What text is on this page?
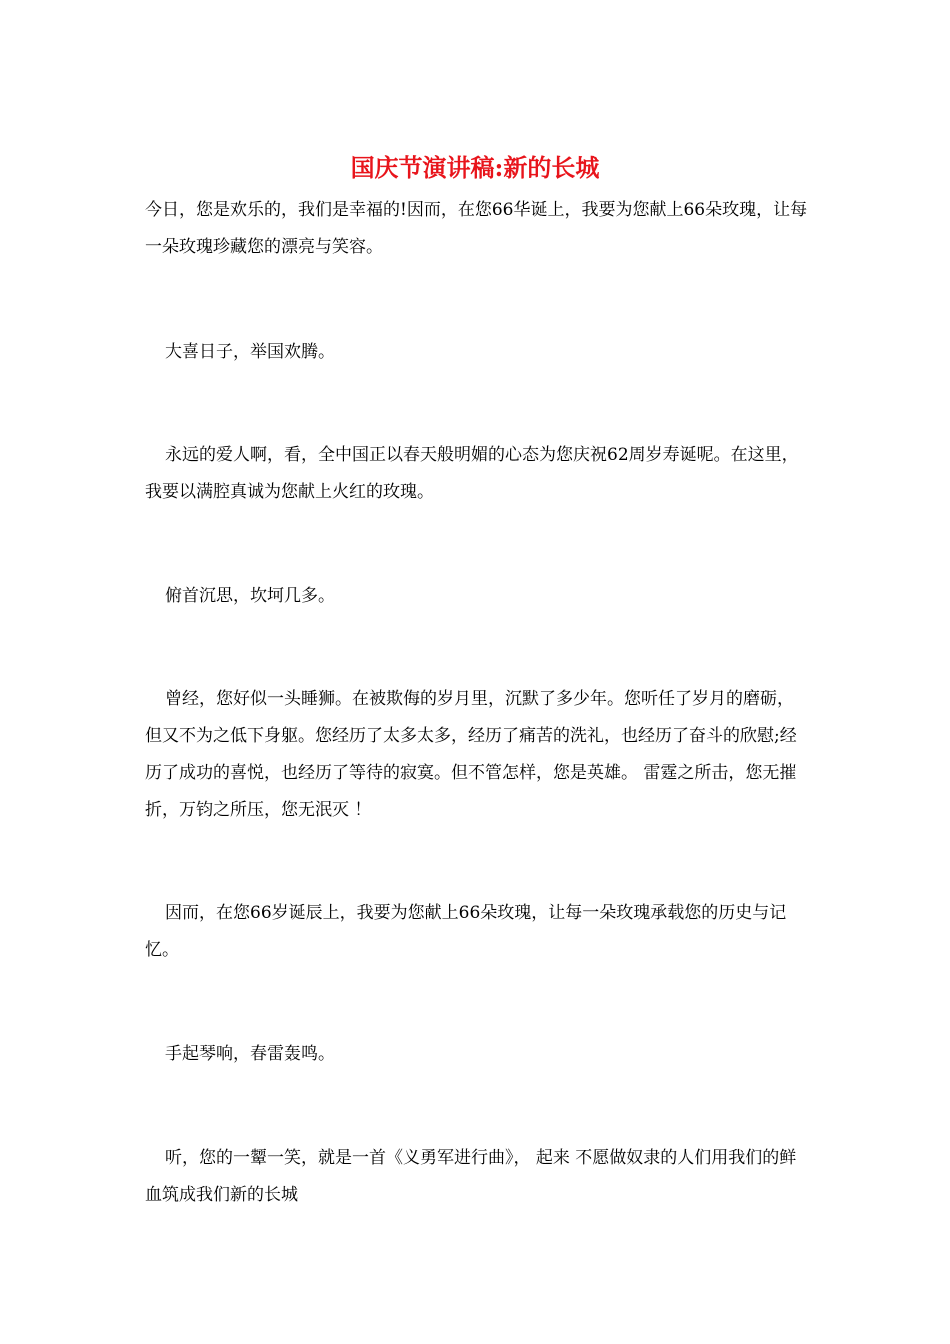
国庆节演讲稿:新的长城

今日，您是欢乐的，我们是幸福的!因而，在您66华诞上，我要为您献上66朵玫瑰，让每一朵玫瑰珍藏您的漂亮与笑容。

大喜日子，举国欢腾。

永远的爱人啊，看，全中国正以春天般明媚的心态为您庆祝62周岁寿诞呢。在这里，我要以满腔真诚为您献上火红的玫瑰。

俯首沉思，坎坷几多。

曾经，您好似一头睡狮。在被欺侮的岁月里，沉默了多少年。您听任了岁月的磨砺，但又不为之低下身躯。您经历了太多太多，经历了痛苦的洗礼，也经历了奋斗的欣慰;经历了成功的喜悦，也经历了等待的寂寞。但不管怎样，您是英雄。 雷霆之所击，您无摧折，万钧之所压，您无泯灭 ！

因而，在您66岁诞辰上，我要为您献上66朵玫瑰，让每一朵玫瑰承载您的历史与记忆。

手起琴响，春雷轰鸣。

听，您的一颦一笑，就是一首《义勇军进行曲》， 起来 不愿做奴隶的人们用我们的鲜血筑成我们新的长城
